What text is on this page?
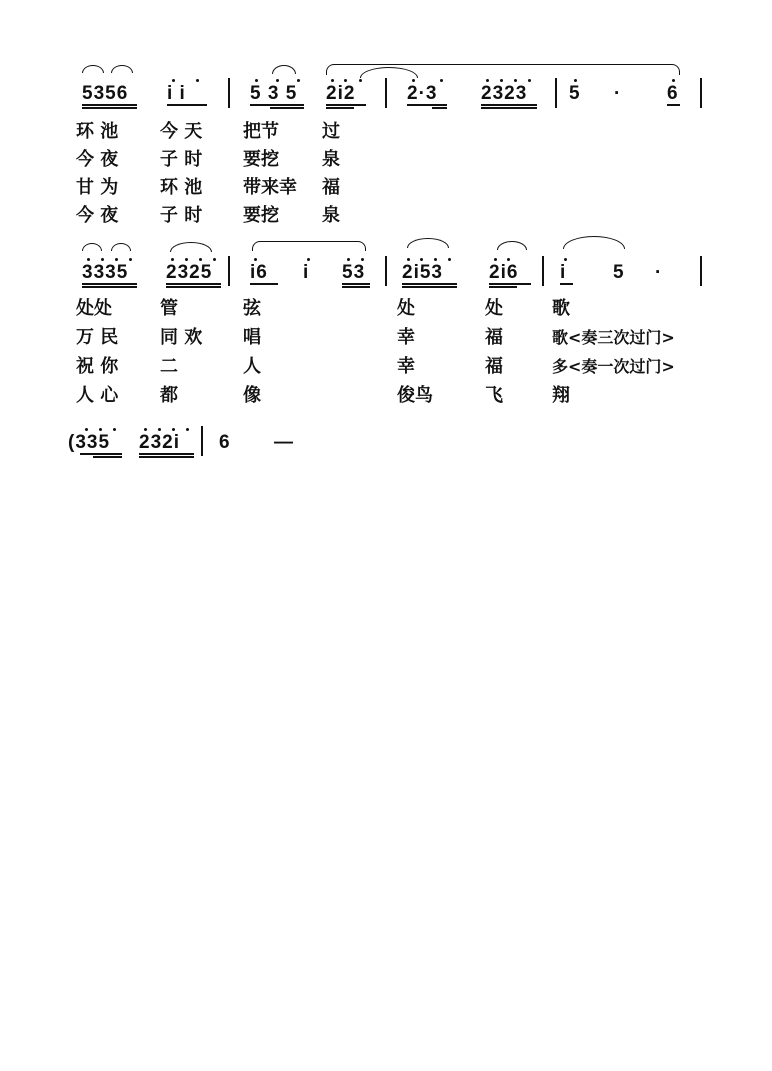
5356 i i	5 3 5 2i2	2·3 2323 5 · 6
环 池 今 天 把节 过
今 夜 子 时 要挖 泉
甘 为 环 池 带来幸 福
今 夜 子 时 要挖 泉
3335 2325 i6 i 53 2i53 2i6 i 5 ·
处处	管	弦	处	处	歌
万 民 同 欢 唱	幸	福	歌<奏三次过门>
祝 你 二	人	幸	福	多<奏一次过门>
人 心 都	像	俊鸟	飞	翔
(335 232i 6 —
